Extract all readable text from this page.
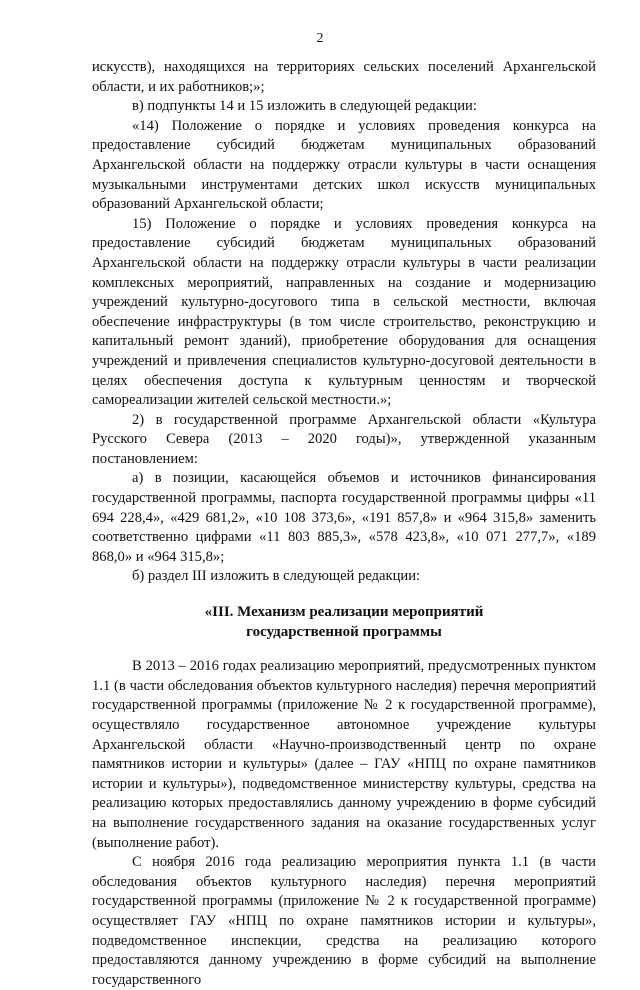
2

искусств), находящихся на территориях сельских поселений Архангельской области, и их работников;»;

в) подпункты 14 и 15 изложить в следующей редакции:

«14) Положение о порядке и условиях проведения конкурса на предоставление субсидий бюджетам муниципальных образований Архангельской области на поддержку отрасли культуры в части оснащения музыкальными инструментами детских школ искусств муниципальных образований Архангельской области;

15) Положение о порядке и условиях проведения конкурса на предоставление субсидий бюджетам муниципальных образований Архангельской области на поддержку отрасли культуры в части реализации комплексных мероприятий, направленных на создание и модернизацию учреждений культурно-досугового типа в сельской местности, включая обеспечение инфраструктуры (в том числе строительство, реконструкцию и капитальный ремонт зданий), приобретение оборудования для оснащения учреждений и привлечения специалистов культурно-досуговой деятельности в целях обеспечения доступа к культурным ценностям и творческой самореализации жителей сельской местности.»;

2) в государственной программе Архангельской области «Культура Русского Севера (2013 – 2020 годы)», утвержденной указанным постановлением:

а) в позиции, касающейся объемов и источников финансирования государственной программы, паспорта государственной программы цифры «11 694 228,4», «429 681,2», «10 108 373,6», «191 857,8» и «964 315,8» заменить соответственно цифрами «11 803 885,3», «578 423,8», «10 071 277,7», «189 868,0» и «964 315,8»;

б) раздел III изложить в следующей редакции:

«III. Механизм реализации мероприятий
государственной программы

В 2013 – 2016 годах реализацию мероприятий, предусмотренных пунктом 1.1 (в части обследования объектов культурного наследия) перечня мероприятий государственной программы (приложение № 2 к государственной программе), осуществляло государственное автономное учреждение культуры Архангельской области «Научно-производственный центр по охране памятников истории и культуры» (далее – ГАУ «НПЦ по охране памятников истории и культуры»), подведомственное министерству культуры, средства на реализацию которых предоставлялись данному учреждению в форме субсидий на выполнение государственного задания на оказание государственных услуг (выполнение работ).

С ноября 2016 года реализацию мероприятия пункта 1.1 (в части обследования объектов культурного наследия) перечня мероприятий государственной программы (приложение № 2 к государственной программе) осуществляет ГАУ «НПЦ по охране памятников истории и культуры», подведомственное инспекции, средства на реализацию которого предоставляются данному учреждению в форме субсидий на выполнение государственного
